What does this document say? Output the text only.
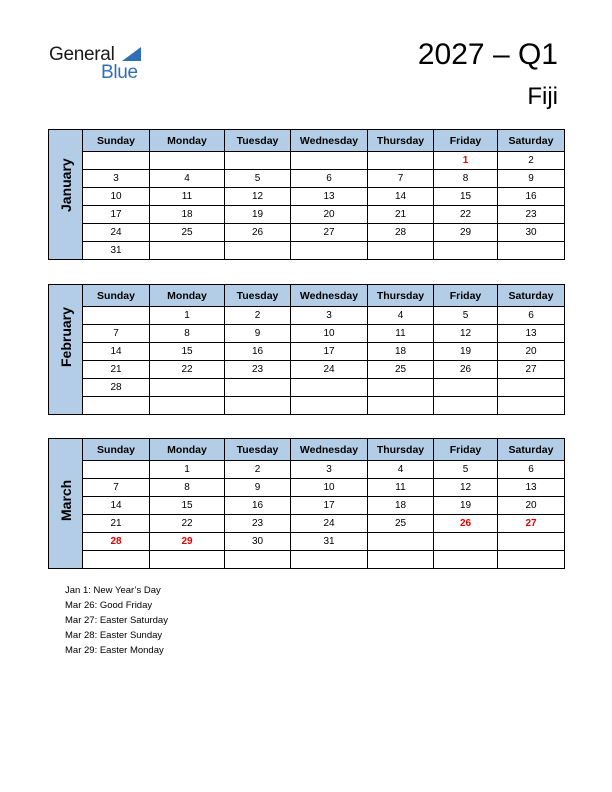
General
Blue
2027 – Q1
Fiji
January	Sunday	Monday	Tuesday	Wednesday	Thursday	Friday	Saturday
						1	2
	3	4	5	6	7	8	9
	10	11	12	13	14	15	16
	17	18	19	20	21	22	23
	24	25	26	27	28	29	30
	31						
February	Sunday	Monday	Tuesday	Wednesday	Thursday	Friday	Saturday
		1	2	3	4	5	6
	7	8	9	10	11	12	13
	14	15	16	17	18	19	20
	21	22	23	24	25	26	27
	28						

March	Sunday	Monday	Tuesday	Wednesday	Thursday	Friday	Saturday
		1	2	3	4	5	6
	7	8	9	10	11	12	13
	14	15	16	17	18	19	20
	21	22	23	24	25	26	27
	28	29	30	31			

Jan 1: New Year’s Day
Mar 26: Good Friday
Mar 27: Easter Saturday
Mar 28: Easter Sunday
Mar 29: Easter Monday
